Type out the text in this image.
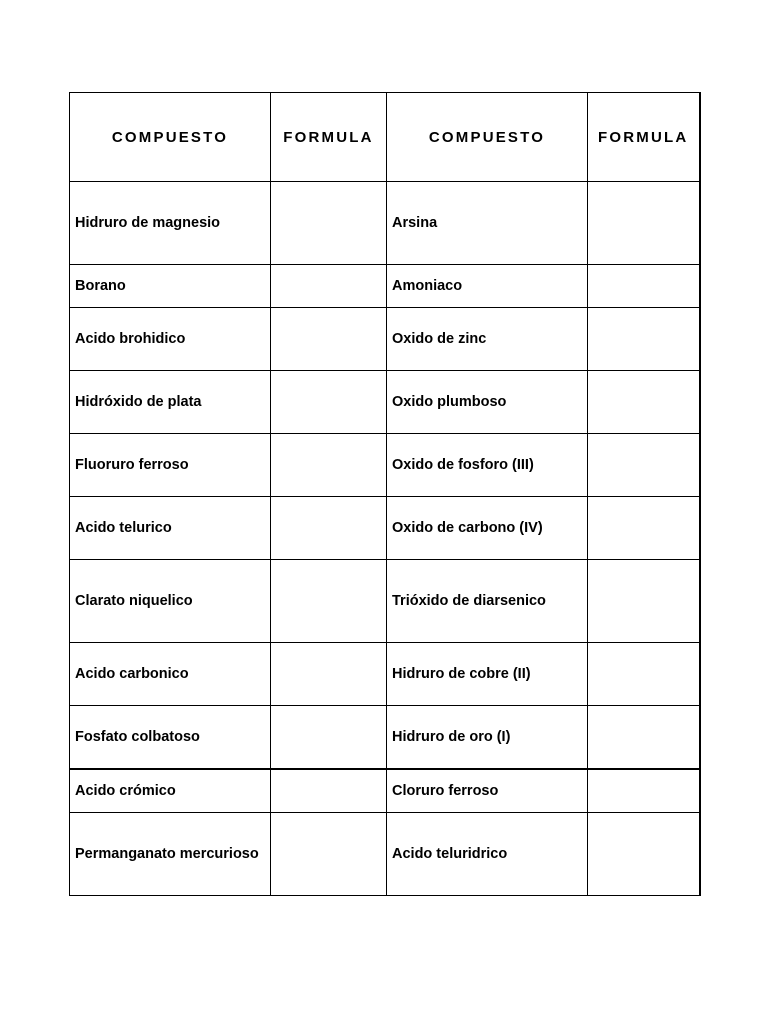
COMPUESTO	FORMULA	COMPUESTO	FORMULA
Hidruro de magnesio		Arsina	
Borano		Amoniaco	
Acido brohidico		Oxido de zinc	
Hidróxido de plata		Oxido plumboso	
Fluoruro ferroso		Oxido de fosforo (III)	
Acido telurico		Oxido de carbono (IV)	
Clarato niquelico		Trióxido de diarsenico	
Acido carbonico		Hidruro de cobre (II)	
Fosfato colbatoso		Hidruro de oro (I)	
Acido crómico		Cloruro ferroso	
Permanganato mercurioso		Acido teluridrico	
